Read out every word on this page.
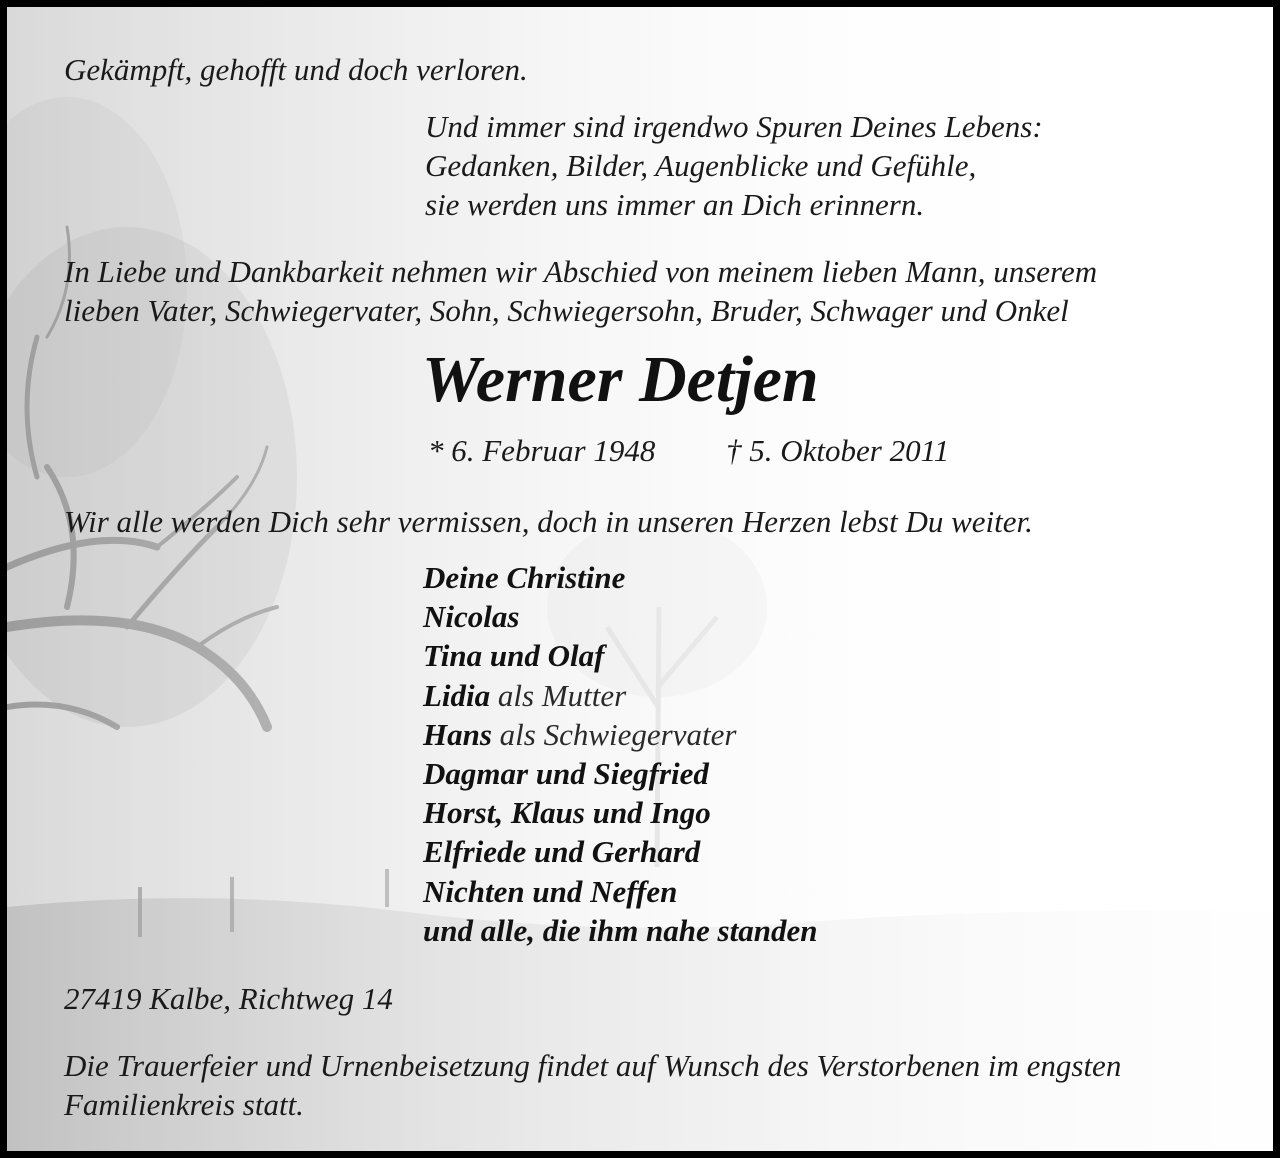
Gekämpft, gehofft und doch verloren.

Und immer sind irgendwo Spuren Deines Lebens:

Gedanken, Bilder, Augenblicke und Gefühle,

sie werden uns immer an Dich erinnern.

In Liebe und Dankbarkeit nehmen wir Abschied von meinem lieben Mann, unserem

lieben Vater, Schwiegervater, Sohn, Schwiegersohn, Bruder, Schwager und Onkel

Werner Detjen
* 6. Februar 1948 † 5. Oktober 2011

Wir alle werden Dich sehr vermissen, doch in unseren Herzen lebst Du weiter.

Deine Christine
Nicolas
Tina und Olaf
Lidia als Mutter
Hans als Schwiegervater
Dagmar und Siegfried
Horst, Klaus und Ingo
Elfriede und Gerhard
Nichten und Neffen
und alle, die ihm nahe standen

27419 Kalbe, Richtweg 14

Die Trauerfeier und Urnenbeisetzung findet auf Wunsch des Verstorbenen im engsten

Familienkreis statt.
